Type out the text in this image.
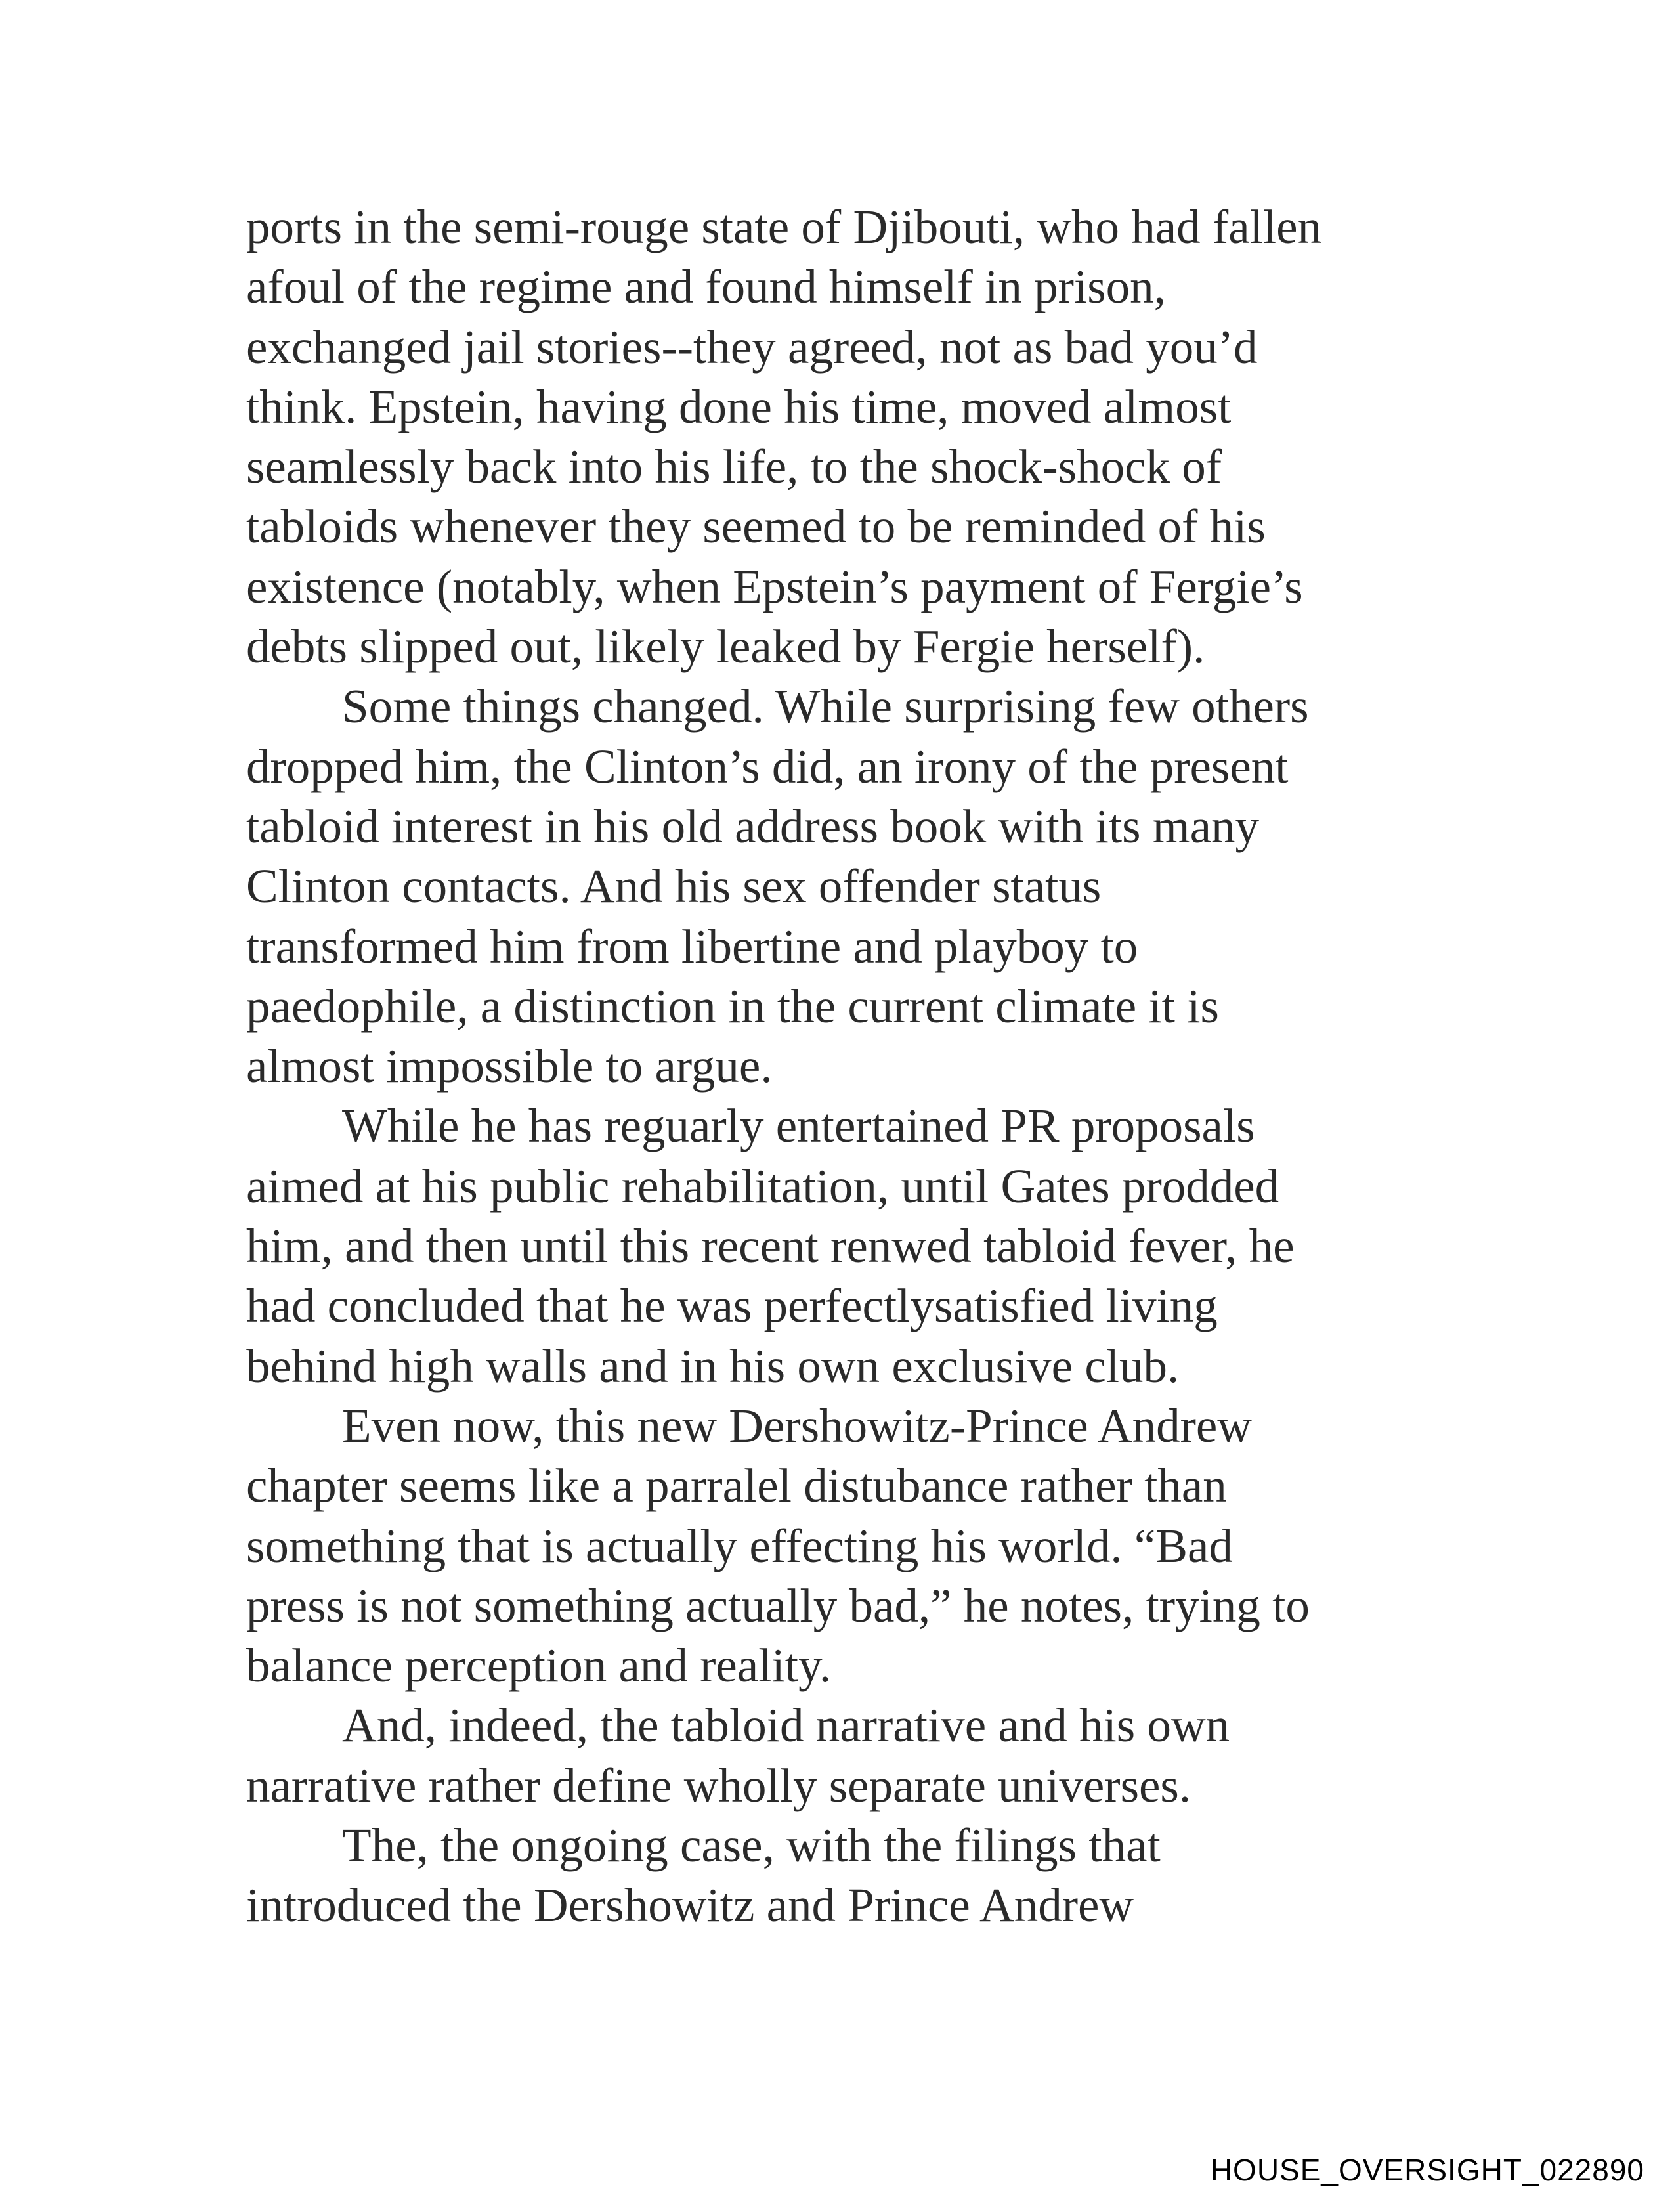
ports in the semi-rouge state of Djibouti, who had fallen
afoul of the regime and found himself in prison,
exchanged jail stories--they agreed, not as bad you’d
think. Epstein, having done his time, moved almost
seamlessly back into his life, to the shock-shock of
tabloids whenever they seemed to be reminded of his
existence (notably, when Epstein’s payment of Fergie’s
debts slipped out, likely leaked by Fergie herself).
Some things changed. While surprising few others
dropped him, the Clinton’s did, an irony of the present
tabloid interest in his old address book with its many
Clinton contacts. And his sex offender status
transformed him from libertine and playboy to
paedophile, a distinction in the current climate it is
almost impossible to argue.
While he has reguarly entertained PR proposals
aimed at his public rehabilitation, until Gates prodded
him, and then until this recent renwed tabloid fever, he
had concluded that he was perfectlysatisfied living
behind high walls and in his own exclusive club.
Even now, this new Dershowitz-Prince Andrew
chapter seems like a parralel distubance rather than
something that is actually effecting his world. “Bad
press is not something actually bad,” he notes, trying to
balance perception and reality.
And, indeed, the tabloid narrative and his own
narrative rather define wholly separate universes.
The, the ongoing case, with the filings that
introduced the Dershowitz and Prince Andrew
HOUSE_OVERSIGHT_022890
